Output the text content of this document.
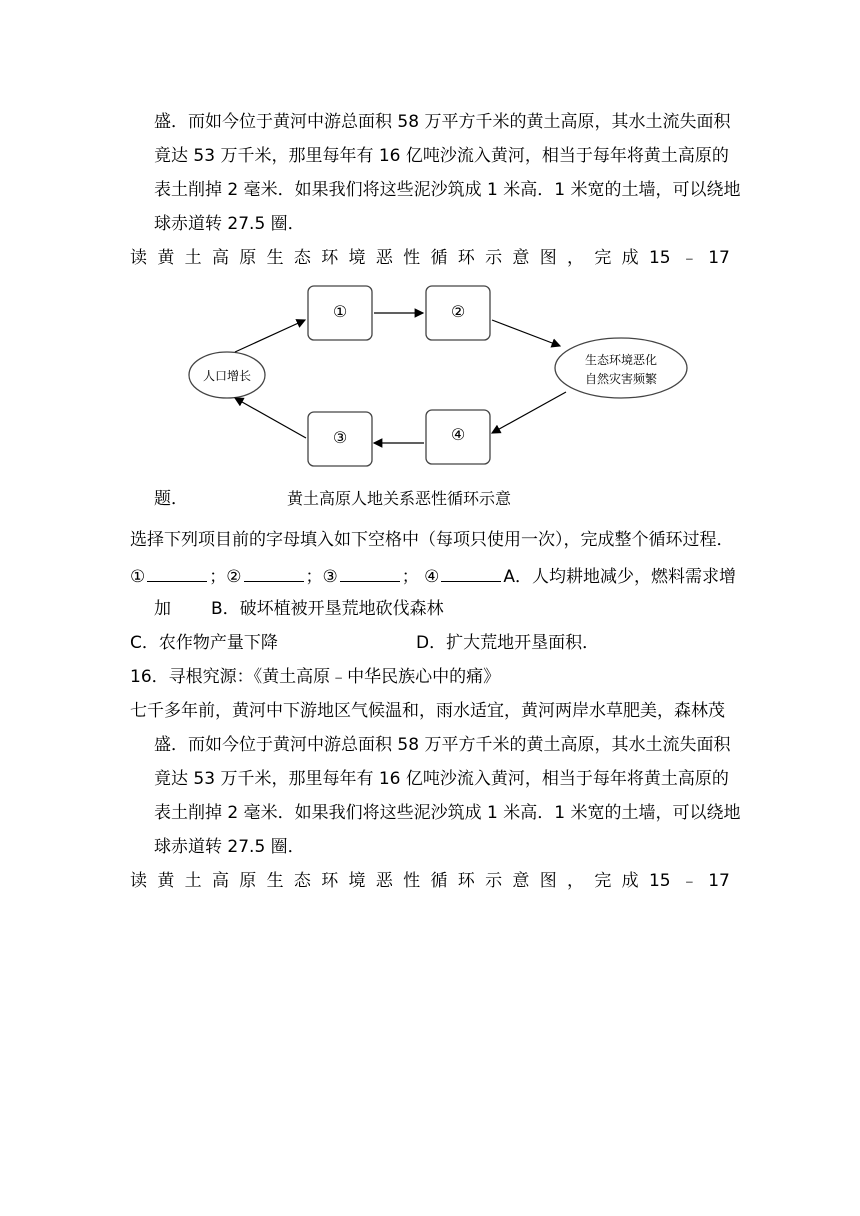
盛．而如今位于黄河中游总面积 58 万平方千米的黄土高原，其水土流失面积
竟达 53 万千米，那里每年有 16 亿吨沙流入黄河，相当于每年将黄土高原的
表土削掉 2 毫米．如果我们将这些泥沙筑成 1 米高．1 米宽的土墙，可以绕地
球赤道转 27.5 圈．
读 黄 土 高 原 生 态 环 境 恶 性 循 环 示 意 图 ， 完 成 15 ﹣ 17
①	②
③	④
人口增长
生态环境恶化
自然灾害频繁
题．	黄土高原人地关系恶性循环示意
选择下列项目前的字母填入如下空格中（每项只使用一次），完成整个循环过程．
①	；②	；③	； ④	A．人均耕地减少，燃料需求增
加 B．破坏植被开垦荒地砍伐森林
C．农作物产量下降	D．扩大荒地开垦面积．
16．寻根究源：《黄土高原﹣中华民族心中的痛》
七千多年前，黄河中下游地区气候温和，雨水适宜，黄河两岸水草肥美，森林茂
盛．而如今位于黄河中游总面积 58 万平方千米的黄土高原，其水土流失面积
竟达 53 万千米，那里每年有 16 亿吨沙流入黄河，相当于每年将黄土高原的
表土削掉 2 毫米．如果我们将这些泥沙筑成 1 米高．1 米宽的土墙，可以绕地
球赤道转 27.5 圈．
读 黄 土 高 原 生 态 环 境 恶 性 循 环 示 意 图 ， 完 成 15 ﹣ 17
